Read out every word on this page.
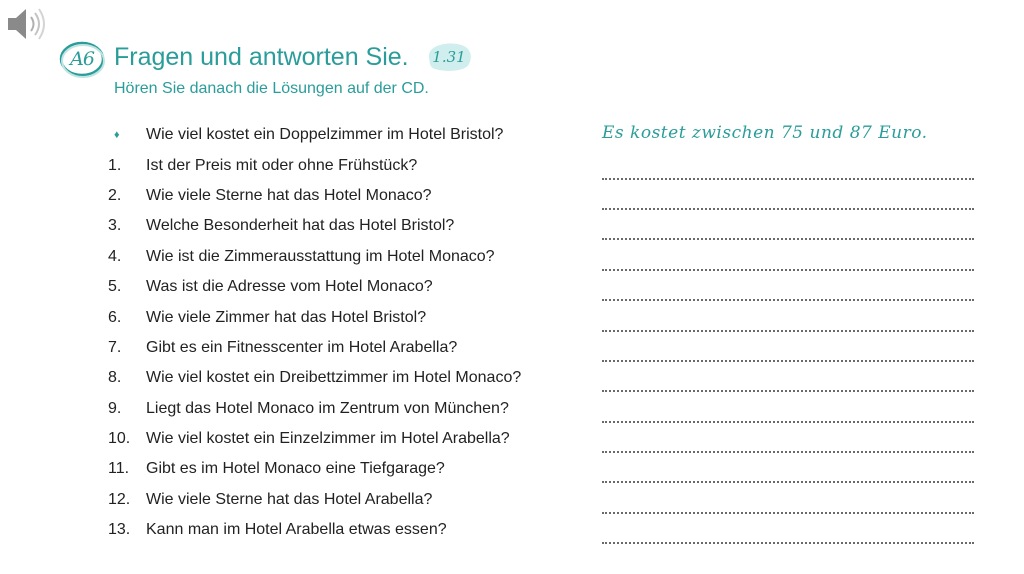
A6 Fragen und antworten Sie.	1.31
Hören Sie danach die Lösungen auf der CD.
♦	Wie viel kostet ein Doppelzimmer im Hotel Bristol?	Es kostet zwischen 75 und 87 Euro.
1.	Ist der Preis mit oder ohne Frühstück?
2.	Wie viele Sterne hat das Hotel Monaco?
3.	Welche Besonderheit hat das Hotel Bristol?
4.	Wie ist die Zimmerausstattung im Hotel Monaco?
5.	Was ist die Adresse vom Hotel Monaco?
6.	Wie viele Zimmer hat das Hotel Bristol?
7.	Gibt es ein Fitnesscenter im Hotel Arabella?
8.	Wie viel kostet ein Dreibettzimmer im Hotel Monaco?
9.	Liegt das Hotel Monaco im Zentrum von München?
10. Wie viel kostet ein Einzelzimmer im Hotel Arabella?
11.	Gibt es im Hotel Monaco eine Tiefgarage?
12. Wie viele Sterne hat das Hotel Arabella?
13. Kann man im Hotel Arabella etwas essen?
